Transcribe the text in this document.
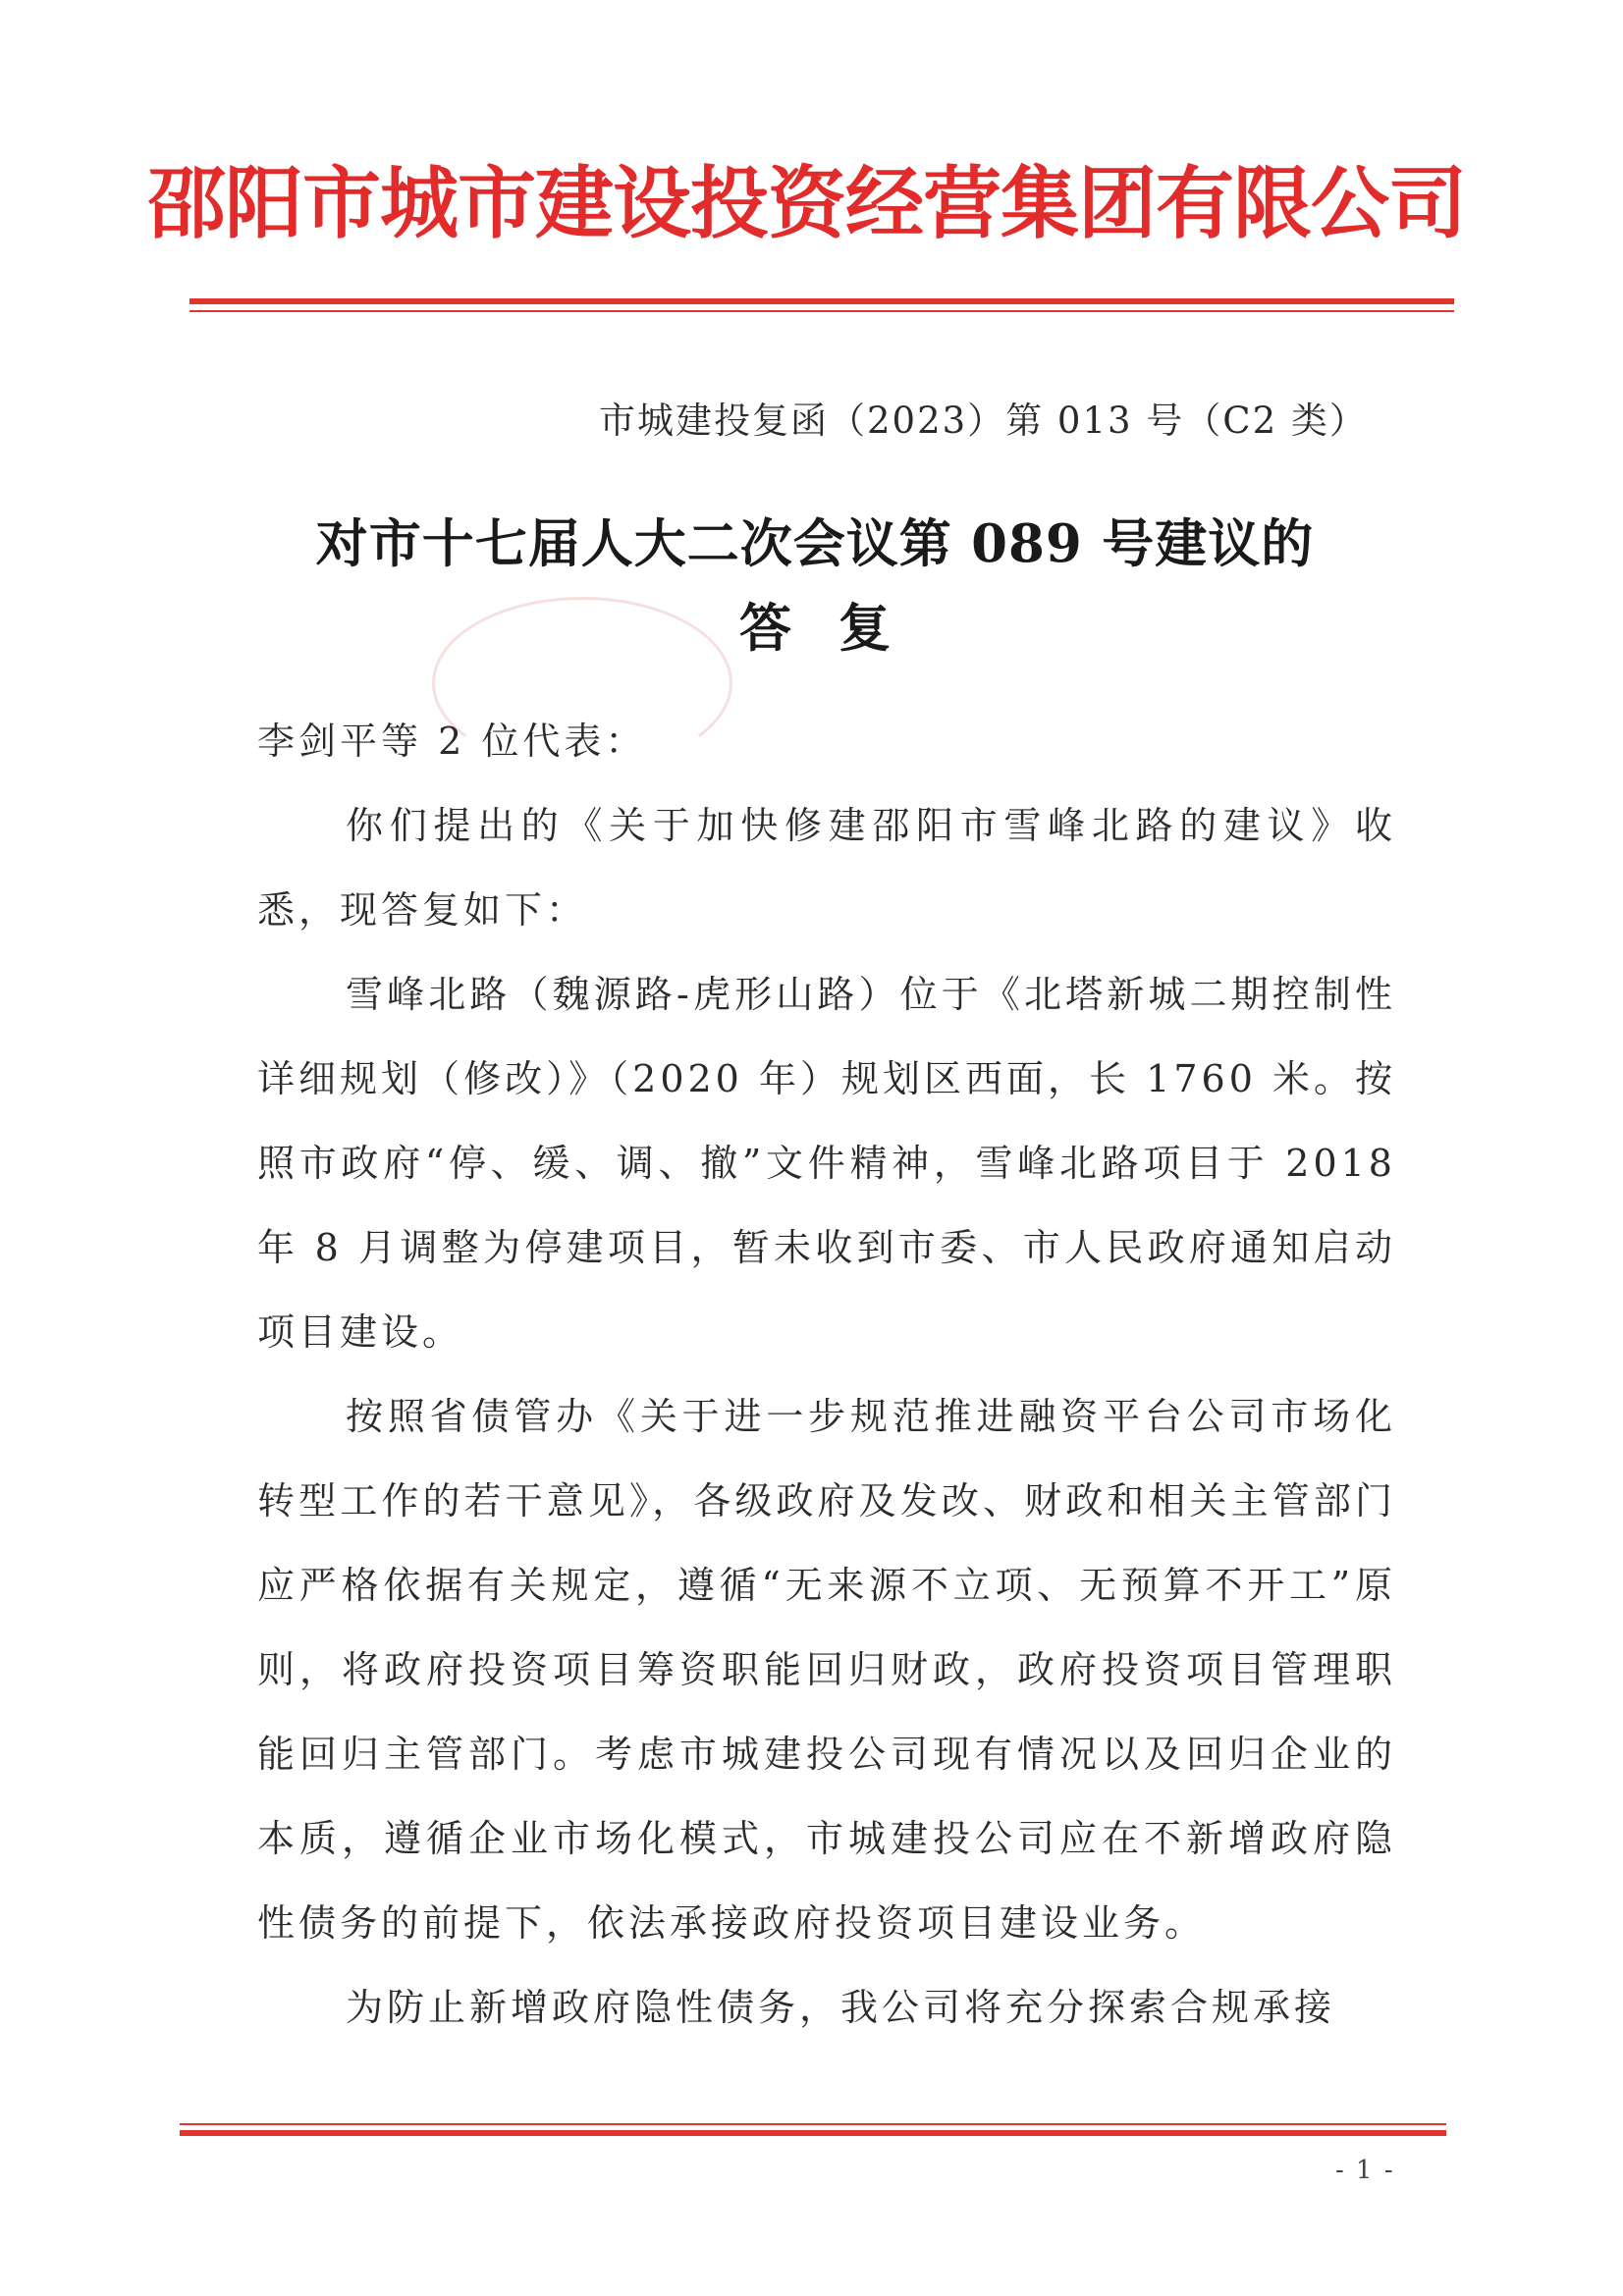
邵阳市城市建设投资经营集团有限公司
市城建投复函（2023）第 013 号（C2 类）
对市十七届人大二次会议第 089 号建议的
答复

李剑平等 2 位代表：

你们提出的《关于加快修建邵阳市雪峰北路的建议》收悉，现答复如下：

雪峰北路（魏源路-虎形山路）位于《北塔新城二期控制性详细规划（修改）》（2020 年）规划区西面，长 1760 米。按照市政府“停、缓、调、撤”文件精神，雪峰北路项目于 2018 年 8 月调整为停建项目，暂未收到市委、市人民政府通知启动项目建设。

按照省债管办《关于进一步规范推进融资平台公司市场化转型工作的若干意见》，各级政府及发改、财政和相关主管部门应严格依据有关规定，遵循“无来源不立项、无预算不开工”原则，将政府投资项目筹资职能回归财政，政府投资项目管理职能回归主管部门。考虑市城建投公司现有情况以及回归企业的本质，遵循企业市场化模式，市城建投公司应在不新增政府隐性债务的前提下，依法承接政府投资项目建设业务。

为防止新增政府隐性债务，我公司将充分探索合规承接

- 1 -
